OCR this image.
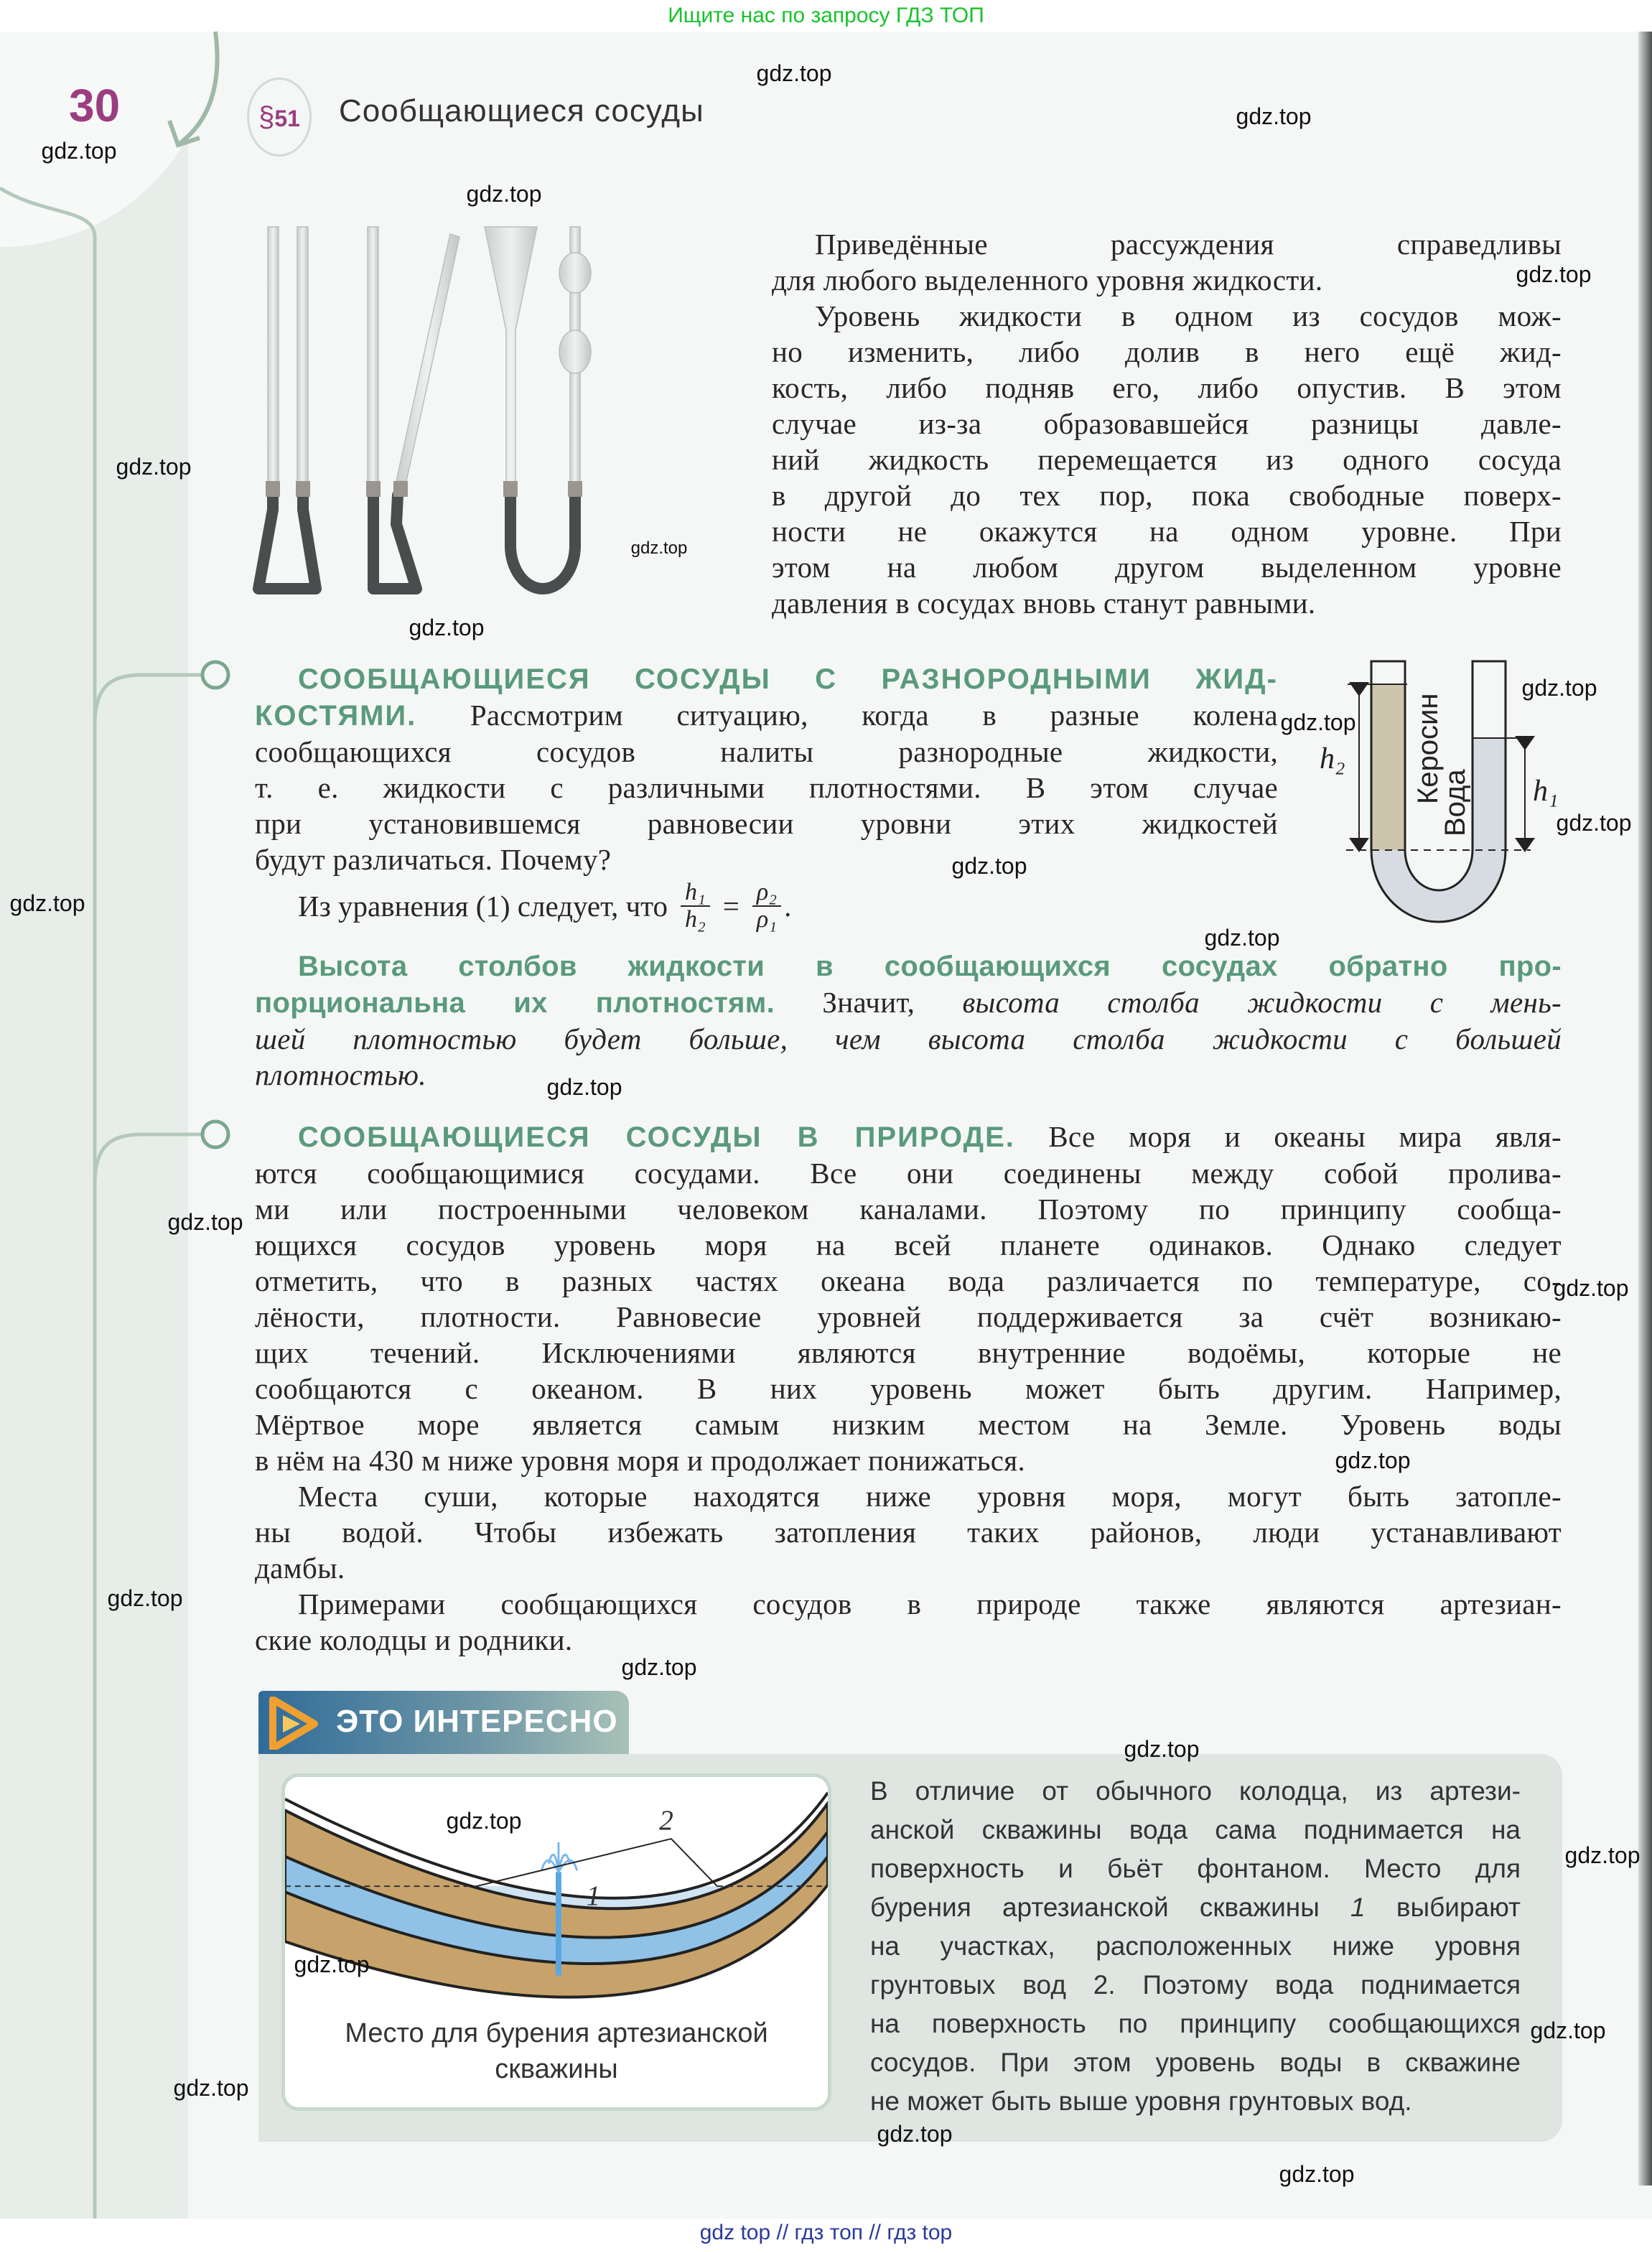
Ищите нас по запросу ГДЗ ТОП
30	§51	Сообщающиеся сосуды
Приведённые рассуждения справедливы
для любого выделенного уровня жидкости.
Уровень жидкости в одном из сосудов мож-
но изменить, либо долив в него ещё жид-
кость, либо подняв его, либо опустив. В этом
случае из-за образовавшейся разницы давле-
ний жидкость перемещается из одного сосуда
в другой до тех пор, пока свободные поверх-
ности не окажутся на одном уровне. При
этом на любом другом выделенном уровне
давления в сосудах вновь станут равными.
СООБЩАЮЩИЕСЯ СОСУДЫ С РАЗНОРОДНЫМИ ЖИД-
КОСТЯМИ. Рассмотрим ситуацию, когда в разные колена
сообщающихся сосудов налиты разнородные жидкости,
т. е. жидкости с различными плотностями. В этом случае
при установившемся равновесии уровни этих жидкостей
будут различаться. Почему?
Из уравнения (1) следует, что $\frac{\text{h₁}}{\text{h₂}} = \frac{\text{ρ₂}}{\text{ρ₁}}$ .
Керосин
Вода
h₂
h₁
Высота столбов жидкости в сообщающихся сосудах обратно про-
порциональна их плотностям. Значит, высота столба жидкости с мень-
шей плотностью будет больше, чем высота столба жидкости с большей
плотностью.
СООБЩАЮЩИЕСЯ СОСУДЫ В ПРИРОДЕ. Все моря и океаны мира явля-
ются сообщающимися сосудами. Все они соединены между собой пролива-
ми или построенными человеком каналами. Поэтому по принципу сообща-
ющихся сосудов уровень моря на всей планете одинаков. Однако следует
отметить, что в разных частях океана вода различается по температуре, со-
лёности, плотности. Равновесие уровней поддерживается за счёт возникаю-
щих течений. Исключениями являются внутренние водоёмы, которые не
сообщаются с океаном. В них уровень может быть другим. Например,
Мёртвое море является самым низким местом на Земле. Уровень воды
в нём на 430 м ниже уровня моря и продолжает понижаться.
Места суши, которые находятся ниже уровня моря, могут быть затопле-
ны водой. Чтобы избежать затопления таких районов, люди устанавливают
дамбы.
Примерами сообщающихся сосудов в природе также являются артезиан-
ские колодцы и родники.
ЭТО ИНТЕРЕСНО
1
2
Место для бурения артезианской
скважины
В отличие от обычного колодца, из артези-
анской скважины вода сама поднимается на
поверхность и бьёт фонтаном. Место для
бурения артезианской скважины 1 выбирают
на участках, расположенных ниже уровня
грунтовых вод 2. Поэтому вода поднимается
на поверхность по принципу сообщающихся
сосудов. При этом уровень воды в скважине
не может быть выше уровня грунтовых вод.
gdz.top
gdz.top
gdz.top
gdz.top
gdz.top
gdz.top
gdz.top
gdz.top
gdz.top
gdz.top
gdz.top
gdz.top
gdz.top
gdz.top
gdz.top
gdz.top
gdz.top
gdz.top
gdz.top
gdz.top
gdz.top
gdz.top
gdz.top
gdz.top
gdz.top
gdz.top
gdz.top
gdz.top
gdz top // гдз топ // гдз top
